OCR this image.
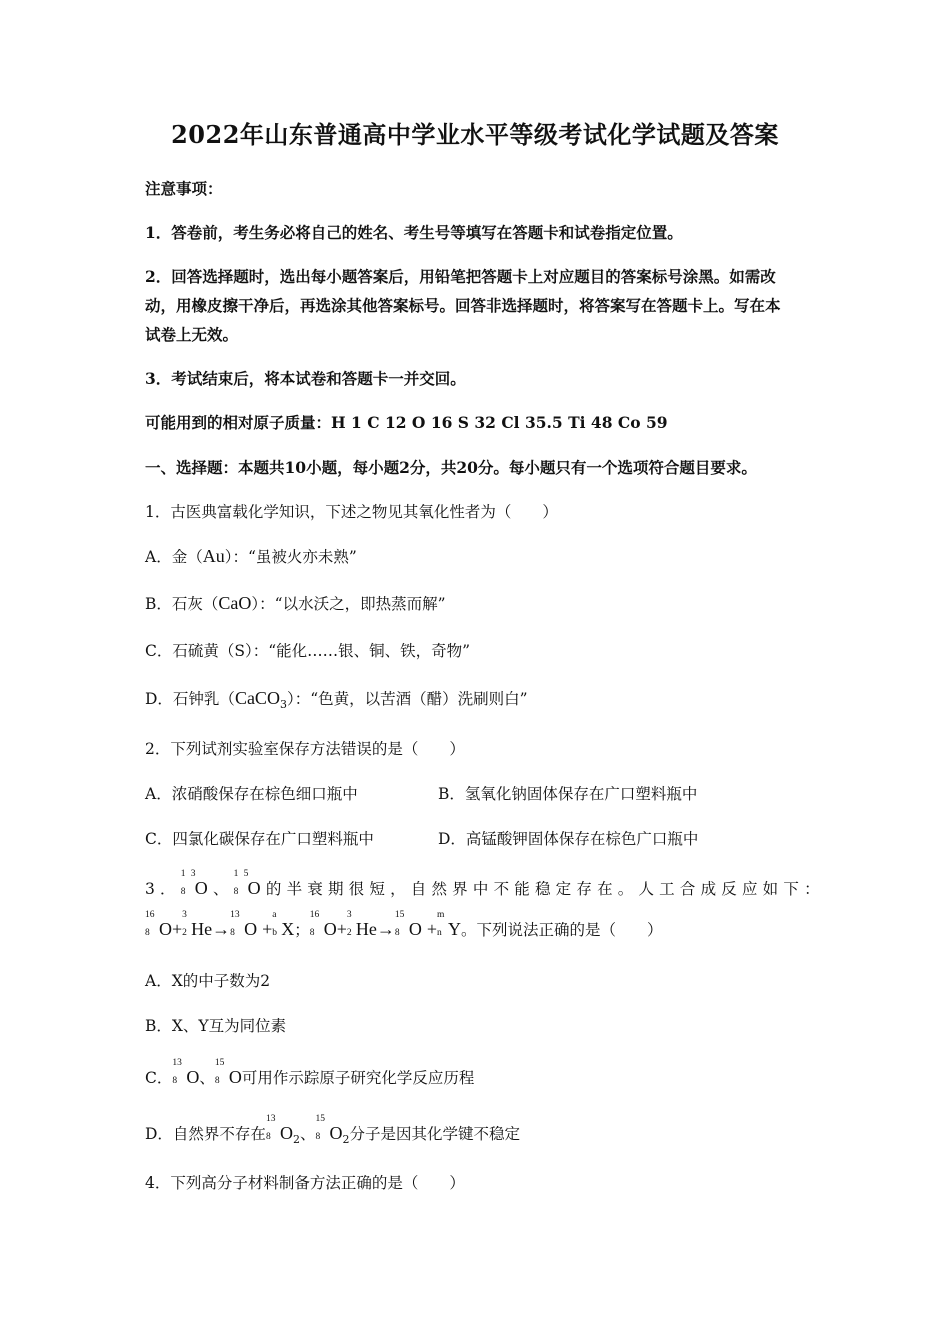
2022年山东普通高中学业水平等级考试化学试题及答案
注意事项：
1．答卷前，考生务必将自己的姓名、考生号等填写在答题卡和试卷指定位置。
2．回答选择题时，选出每小题答案后，用铅笔把答题卡上对应题目的答案标号涂黑。如需改
动，用橡皮擦干净后，再选涂其他答案标号。回答非选择题时，将答案写在答题卡上。写在本
试卷上无效。
3．考试结束后，将本试卷和答题卡一并交回。
可能用到的相对原子质量：H 1 C 12 O 16 S 32 Cl 35.5 Ti 48 Co 59
一、选择题：本题共10小题，每小题2分，共20分。每小题只有一个选项符合题目要求。
1．古医典富载化学知识，下述之物见其氧化性者为（　　）
A．金（Au）：“虽被火亦未熟”
B．石灰（CaO）：“以水沃之，即热蒸而解”
C．石硫黄（S）：“能化……银、铜、铁，奇物”
D．石钟乳（CaCO$_3$）：“色黄，以苦酒（醋）洗刷则白”
2．下列试剂实验室保存方法错误的是（　　）
A．浓硝酸保存在棕色细口瓶中	B．氢氧化钠固体保存在广口塑料瓶中
C．四氯化碳保存在广口塑料瓶中	D．高锰酸钾固体保存在棕色广口瓶中
3．
13
8 O、
15
8 O的半衰期很短，自然界中不能稳定存在。人工合成反应如下：
16
8 O+
3
2 He→
13
8 O +
a
b X；
16
8 O+
3
2 He→
15
8 O +
m
n Y。下列说法正确的是（　　）
A．X的中子数为2
B．X、Y互为同位素
C．
13
8 O、
15
8 O可用作示踪原子研究化学反应历程
D．自然界不存在
13
8 $O_2$、
15
8 $O_2$分子是因其化学键不稳定
4．下列高分子材料制备方法正确的是（　　）
